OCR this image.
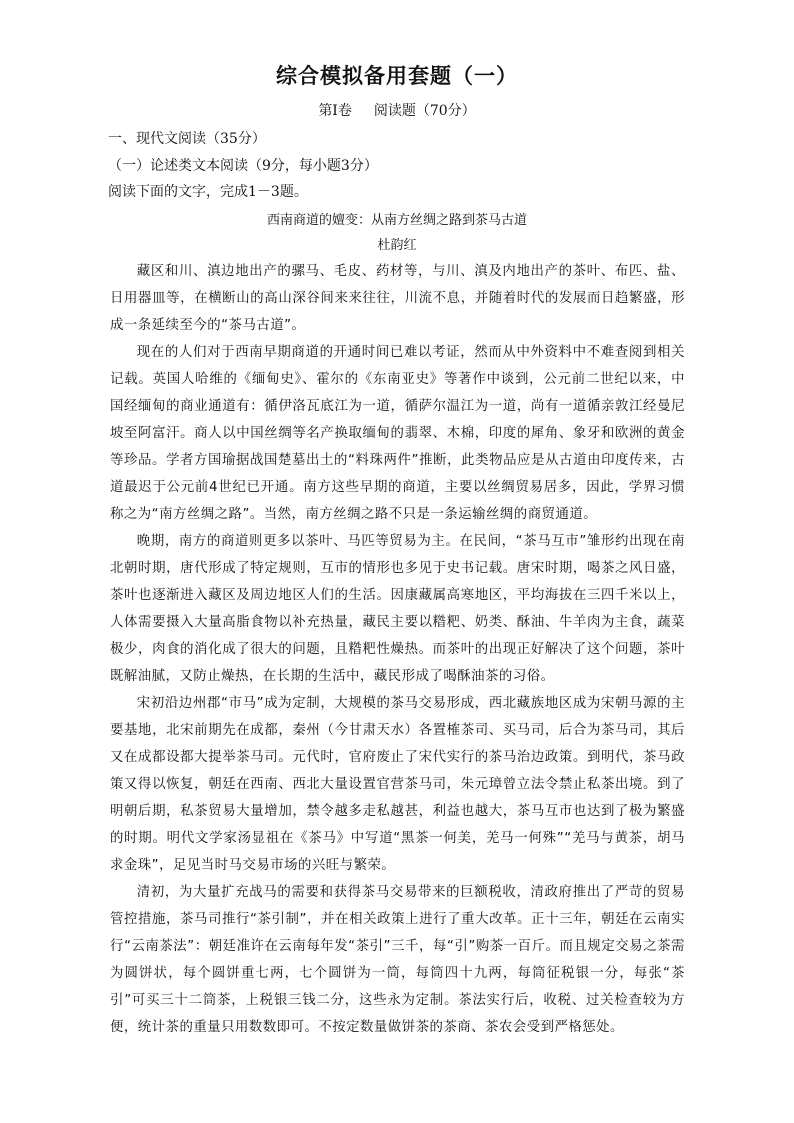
综合模拟备用套题（一）
第Ⅰ卷 阅读题（70分）
一、现代文阅读（35分）
（一）论述类文本阅读（9分，每小题3分）
阅读下面的文字，完成1－3题。
西南商道的嬗变：从南方丝绸之路到茶马古道
杜韵红

藏区和川、滇边地出产的骡马、毛皮、药材等，与川、滇及内地出产的茶叶、布匹、盐、日用器皿等，在横断山的高山深谷间来来往往，川流不息，并随着时代的发展而日趋繁盛，形成一条延续至今的“茶马古道”。

现在的人们对于西南早期商道的开通时间已难以考证，然而从中外资料中不难查阅到相关记载。英国人哈维的《缅甸史》、霍尔的《东南亚史》等著作中谈到，公元前二世纪以来，中国经缅甸的商业通道有：循伊洛瓦底江为一道，循萨尔温江为一道，尚有一道循亲敦江经曼尼坡至阿富汗。商人以中国丝绸等名产换取缅甸的翡翠、木棉，印度的犀角、象牙和欧洲的黄金等珍品。学者方国瑜据战国楚墓出土的“料珠两件”推断，此类物品应是从古道由印度传来，古道最迟于公元前4世纪已开通。南方这些早期的商道，主要以丝绸贸易居多，因此，学界习惯称之为“南方丝绸之路”。当然，南方丝绸之路不只是一条运输丝绸的商贸通道。

晚期，南方的商道则更多以茶叶、马匹等贸易为主。在民间，“茶马互市”雏形约出现在南北朝时期，唐代形成了特定规则，互市的情形也多见于史书记载。唐宋时期，喝茶之风日盛，茶叶也逐渐进入藏区及周边地区人们的生活。因康藏属高寒地区，平均海拔在三四千米以上，人体需要摄入大量高脂食物以补充热量，藏民主要以糌粑、奶类、酥油、牛羊肉为主食，蔬菜极少，肉食的消化成了很大的问题，且糌粑性燥热。而茶叶的出现正好解决了这个问题，茶叶既解油腻，又防止燥热，在长期的生活中，藏民形成了喝酥油茶的习俗。

宋初沿边州郡“市马”成为定制，大规模的茶马交易形成，西北藏族地区成为宋朝马源的主要基地，北宋前期先在成都，秦州（今甘肃天水）各置榷茶司、买马司，后合为茶马司，其后又在成都设都大提举茶马司。元代时，官府废止了宋代实行的茶马治边政策。到明代，茶马政策又得以恢复，朝廷在西南、西北大量设置官营茶马司，朱元璋曾立法令禁止私茶出境。到了明朝后期，私茶贸易大量增加，禁令越多走私越甚，利益也越大，茶马互市也达到了极为繁盛的时期。明代文学家汤显祖在《茶马》中写道“黑茶一何美，羌马一何殊”“羌马与黄茶，胡马求金珠”，足见当时马交易市场的兴旺与繁荣。

清初，为大量扩充战马的需要和获得茶马交易带来的巨额税收，清政府推出了严苛的贸易管控措施，茶马司推行“茶引制”，并在相关政策上进行了重大改革。正十三年，朝廷在云南实行“云南茶法”：朝廷准许在云南每年发“茶引”三千，每“引”购茶一百斤。而且规定交易之茶需为圆饼状，每个圆饼重七两，七个圆饼为一筒，每筒四十九两，每筒征税银一分，每张“茶引”可买三十二筒茶，上税银三钱二分，这些永为定制。茶法实行后，收税、过关检查较为方便，统计茶的重量只用数数即可。不按定数量做饼茶的茶商、茶农会受到严格惩处。
